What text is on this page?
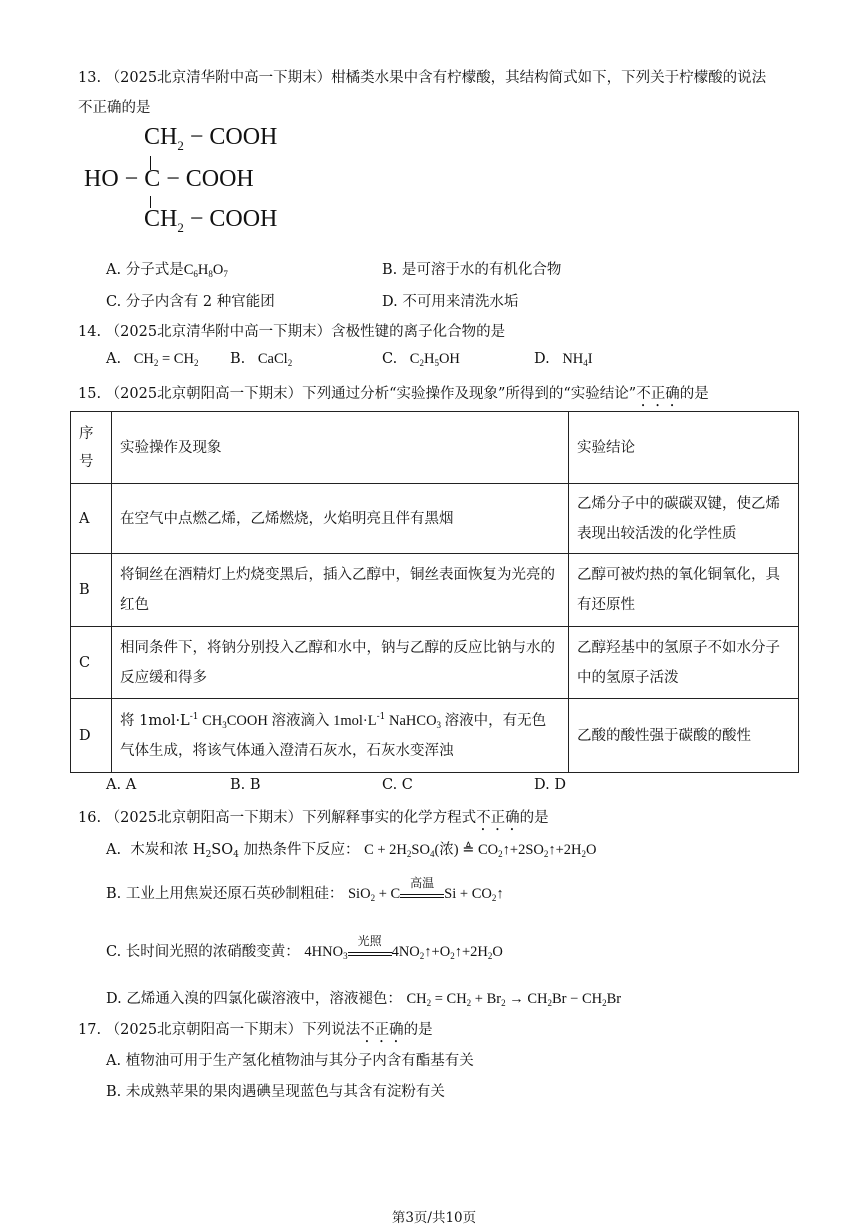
13. （2025北京清华附中高一下期末）柑橘类水果中含有柠檬酸，其结构简式如下，下列关于柠檬酸的说法
不正确的是
$CH_2$ − COOH
HO − C − COOH
$CH_2$ − COOH
A. 分子式是$C_6H_8O_7$	B. 是可溶于水的有机化合物
C. 分子内含有 2 种官能团	D. 不可用来清洗水垢
14. （2025北京清华附中高一下期末）含极性键的离子化合物的是
A. $CH_2 = CH_2$ B. CaCl$_2$	C. $C_2H_5OH$	D. $NH_4I$
15. （2025北京朝阳高一下期末）下列通过分析“实验操作及现象”所得到的“实验结论”不正确的是
序号	实验操作及现象	实验结论
A	在空气中点燃乙烯，乙烯燃烧，火焰明亮且伴有黑烟	乙烯分子中的碳碳双键，使乙烯表现出较活泼的化学性质
B	将铜丝在酒精灯上灼烧变黑后，插入乙醇中，铜丝表面恢复为光亮的红色	乙醇可被灼热的氧化铜氧化，具有还原性
C	相同条件下，将钠分别投入乙醇和水中，钠与乙醇的反应比钠与水的反应缓和得多	乙醇羟基中的氢原子不如水分子中的氢原子活泼
D	将 $1mol\cdot L^{-1}$ $CH_3COOH$ 溶液滴入 $1mol\cdot L^{-1}$ NaHCO$_3$ 溶液中，有无色气体生成，将该气体通入澄清石灰水，石灰水变浑浊	乙酸的酸性强于碳酸的酸性
A. A	B. B	C. C	D. D
16. （2025北京朝阳高一下期末）下列解释事实的化学方程式不正确的是
A.  木炭和浓 $H_2SO_4$ 加热条件下反应： $C + 2H_2SO_4$(浓) ≜ $CO_2↑+2SO_2↑+2H_2O$
B. 工业上用焦炭还原石英砂制粗硅： SiO$_2$ + C
高温
$Si + CO_2↑$
C. 长时间光照的浓硝酸变黄： $4HNO_3$
光照
$4NO_2↑+O_2↑+2H_2O$
D. 乙烯通入溴的四氯化碳溶液中，溶液褪色： $CH_2 = CH_2 + Br_2 \to CH_2Br - CH_2Br$
17. （2025北京朝阳高一下期末）下列说法不正确的是
A. 植物油可用于生产氢化植物油与其分子内含有酯基有关
B. 未成熟苹果的果肉遇碘呈现蓝色与其含有淀粉有关
第3页/共10页
